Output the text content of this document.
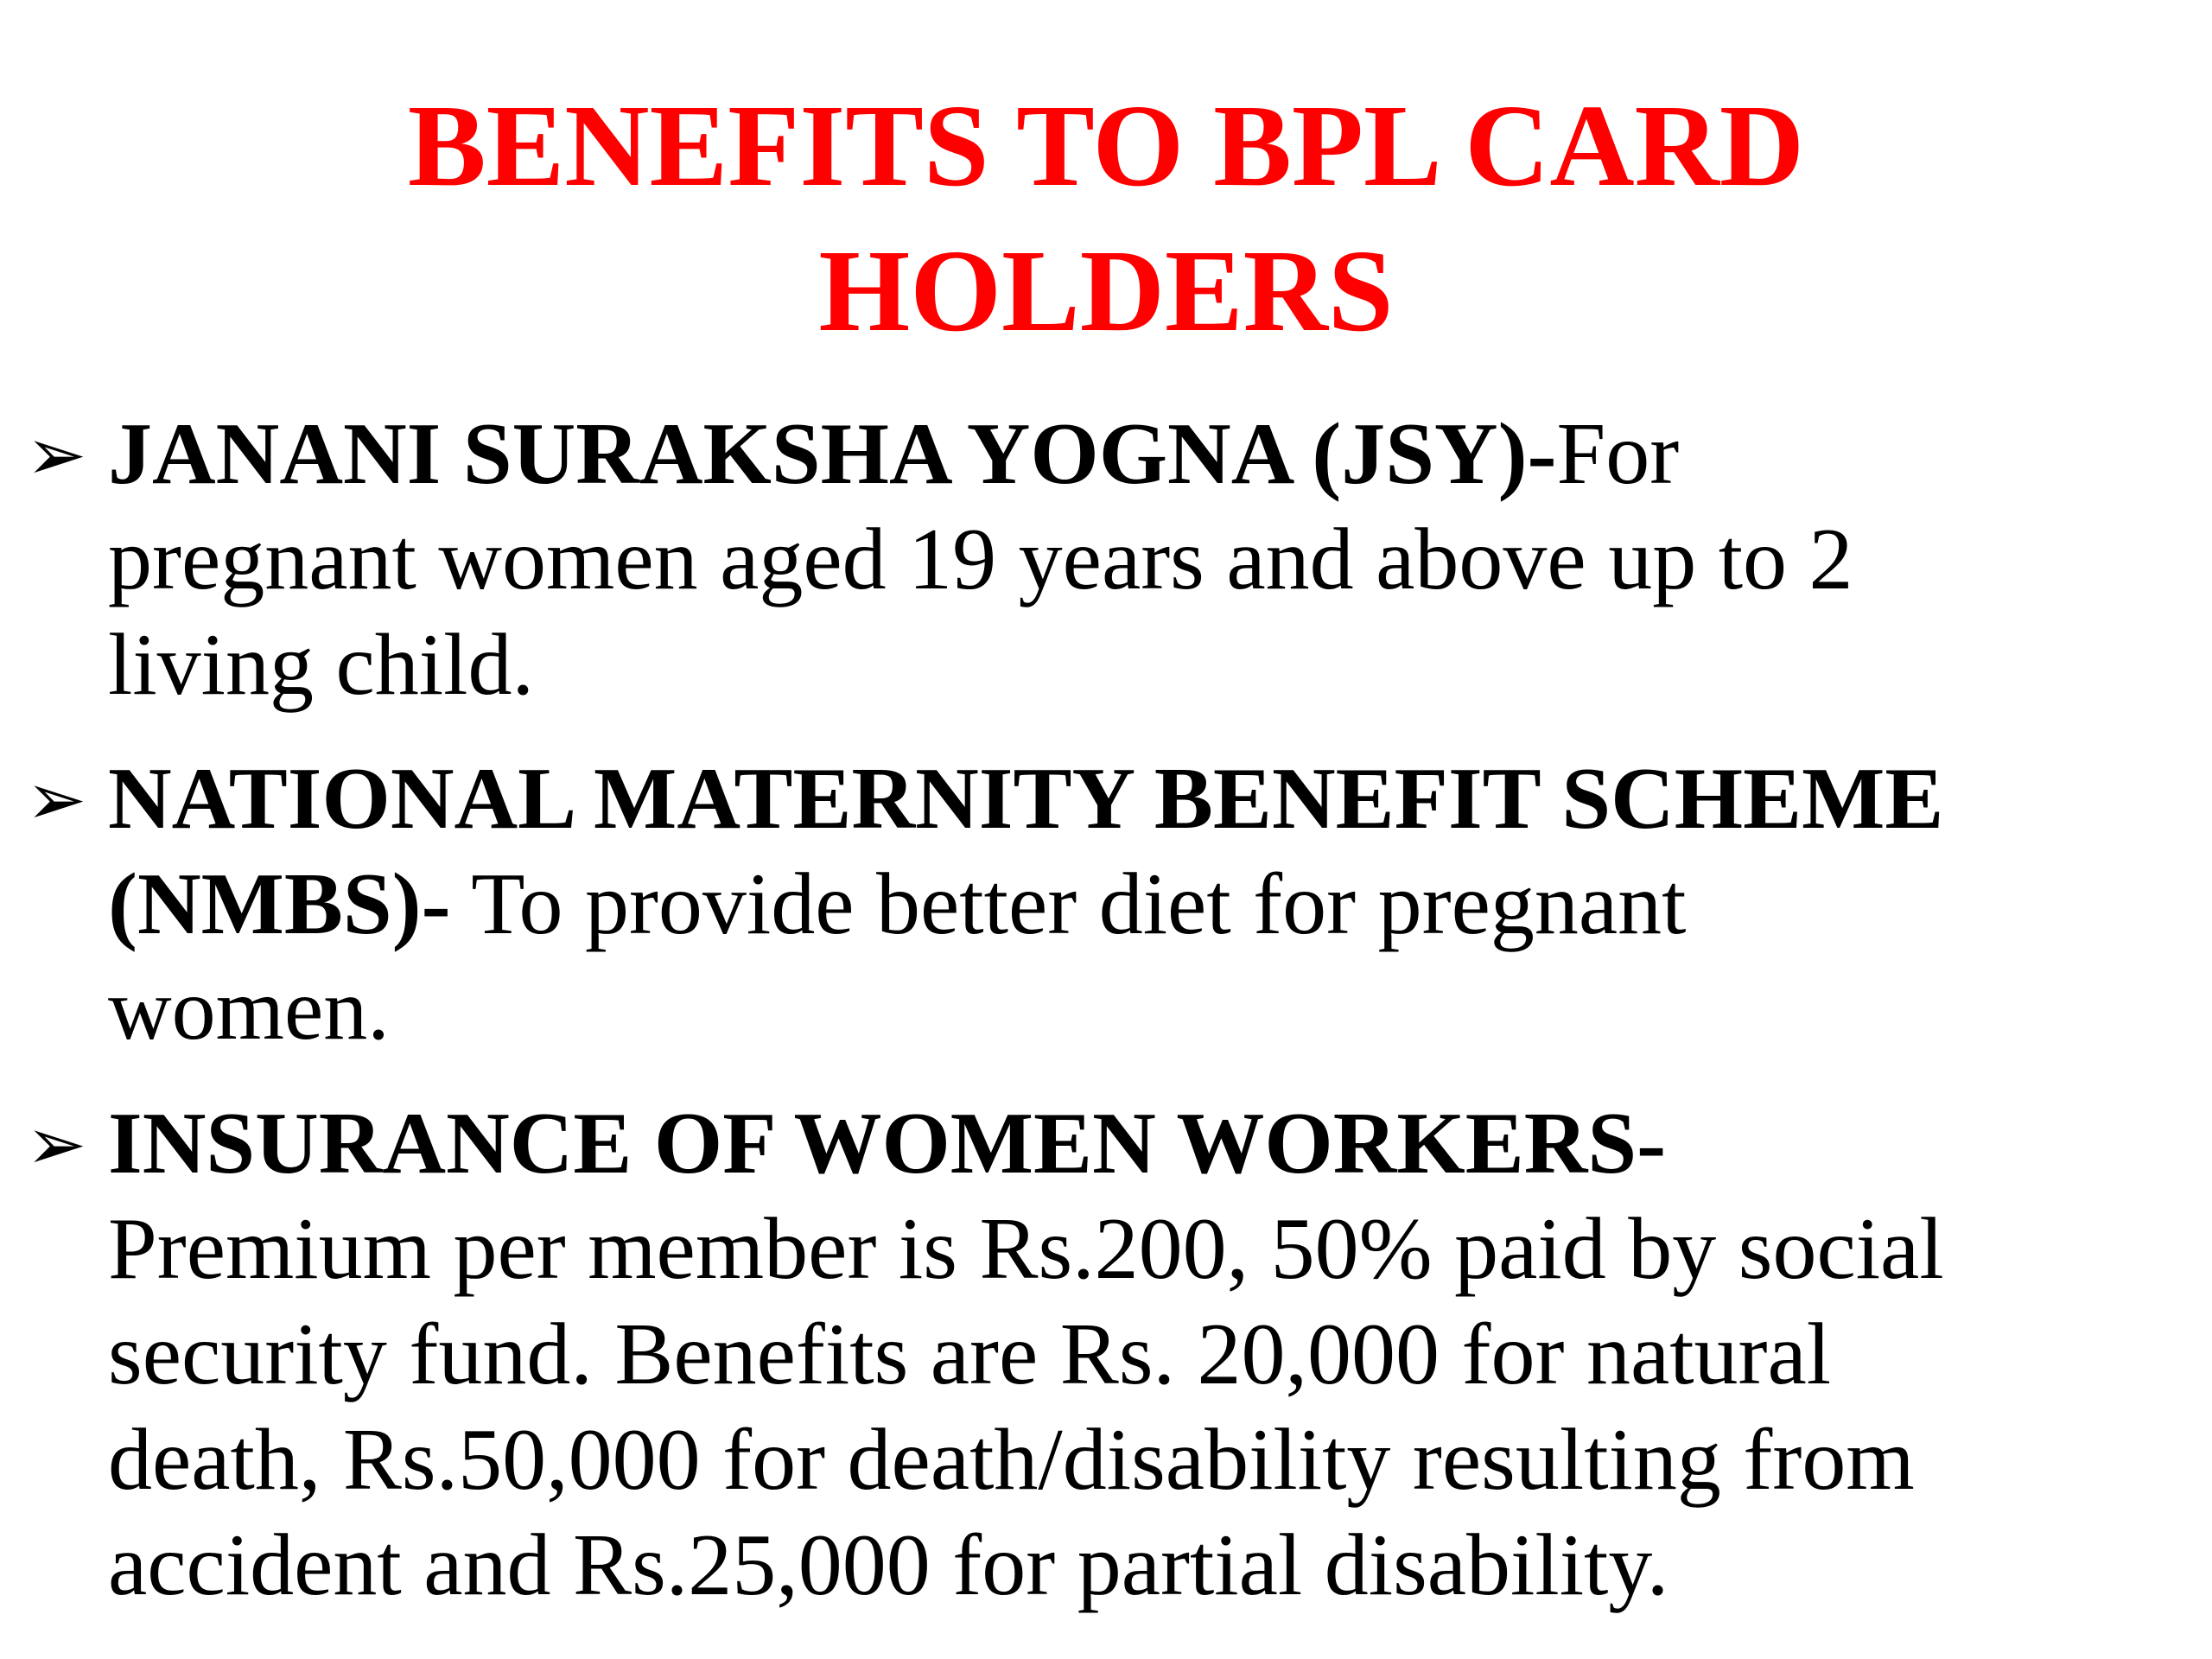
BENEFITS TO BPL CARD
HOLDERS
➢ JANANI SURAKSHA YOGNA (JSY)-For
pregnant women aged 19 years and above up to 2
living child.
➢ NATIONAL MATERNITY BENEFIT SCHEME
(NMBS)- To provide better diet for pregnant
women.
➢ INSURANCE OF WOMEN WORKERS-
Premium per member is Rs.200, 50% paid by social
security fund. Benefits are Rs. 20,000 for natural
death, Rs.50,000 for death/disability resulting from
accident and Rs.25,000 for partial disability.
